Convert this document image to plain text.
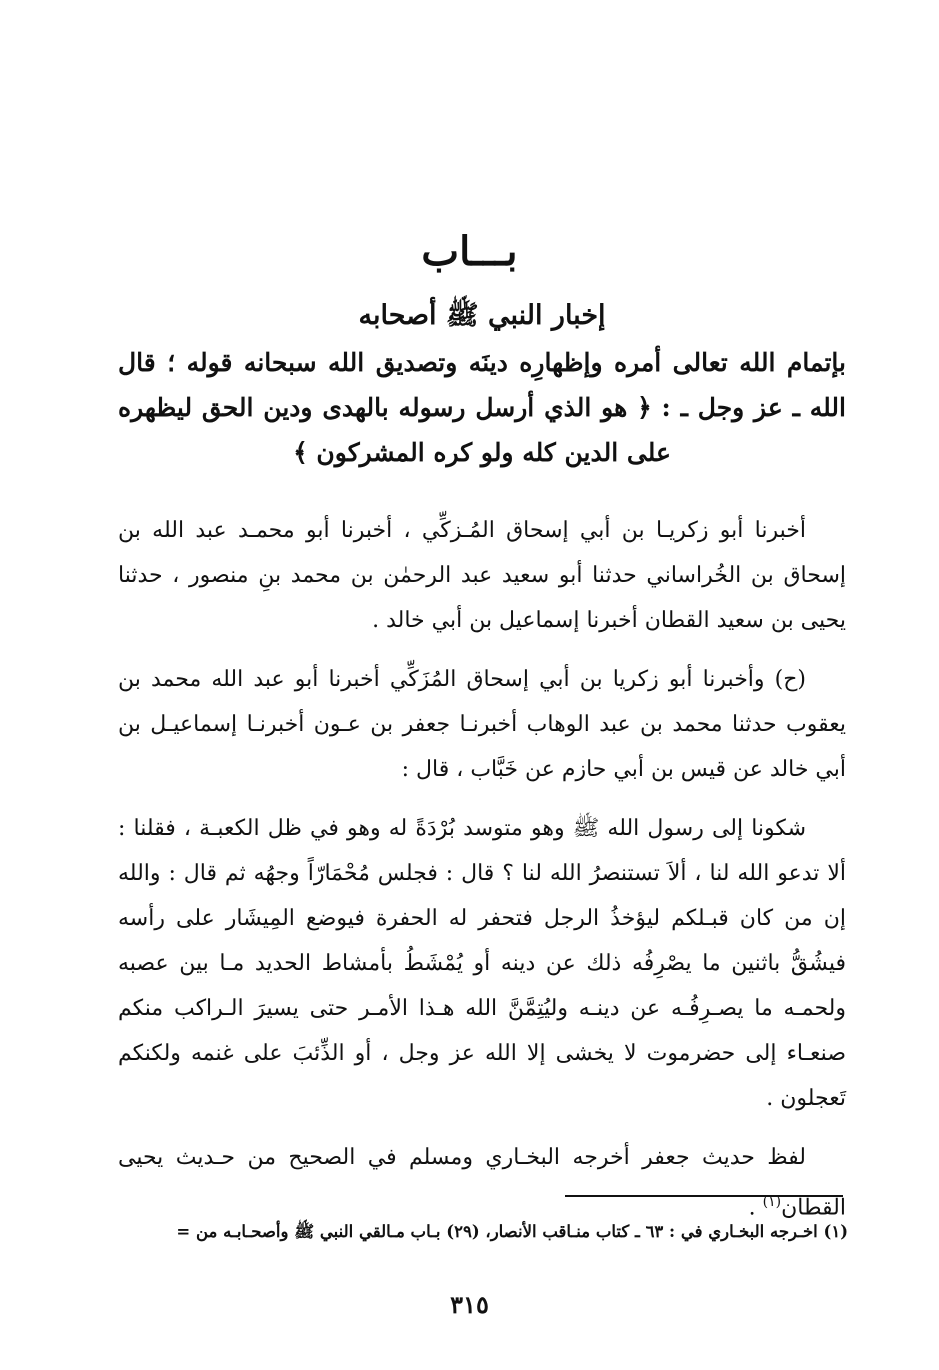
بـــاب
إخبار النبي ﷺ أصحابه
بإتمام الله تعالى أمره وإظهارِه دينَه وتصديق الله سبحانه قوله ؛ قال الله ـ عز وجل ـ : ﴿ هو الذي أرسل رسوله بالهدى ودين الحق ليظهره على الدين كله ولو كره المشركون ﴾

أخبرنا أبو زكريـا بن أبي إسحاق المُـزكِّي ، أخبرنا أبو محمـد عبد الله بن إسحاق بن الخُراساني حدثنا أبو سعيد عبد الرحمٰن بن محمد بنِ منصور ، حدثنا يحيى بن سعيد القطان أخبرنا إسماعيل بن أبي خالد .

(ح) وأخبرنا أبو زكريا بن أبي إسحاق المُزَكِّي أخبرنا أبو عبد الله محمد بن يعقوب حدثنا محمد بن عبد الوهاب أخبرنـا جعفر بن عـون أخبرنـا إسماعيـل بن أبي خالد عن قيس بن أبي حازم عن خَبَّاب ، قال :

شكونا إلى رسول الله ﷺ وهو متوسد بُرْدَةً له وهو في ظل الكعبـة ، فقلنا : ألا تدعو الله لنا ، ألاَ تستنصرُ الله لنا ؟ قال : فجلس مُحْمَارّاً وجهُه ثم قال : والله إن من كان قبـلكم ليؤخذُ الرجل فتحفر له الحفرة فيوضع المِيشَار على رأسه فيشُقُّ باثنين ما يصْرِفُه ذلك عن دينه أو يُمْشَطُ بأمشاط الحديد مـا بين عصبه ولحمـه ما يصـرِفُـه عن دينـه وليُتِمَّنَّ الله هـذا الأمـر حتى يسيرَ الـراكب منكم صنعـاء إلى حضرموت لا يخشى إلا الله عز وجل ، أو الذِّئبَ على غنمه ولكنكم تَعجلون .

لفظ حديث جعفر أخرجه البخـاري ومسلم في الصحيح من حـديث يحيى القطان$^{(١)}$ .

(١) اخـرجه البخـاري في : ٦٣ ـ كتاب منـاقب الأنصار، (٢٩) بـاب مـالقي النبي ﷺ وأصحـابـه من =
٣١٥
